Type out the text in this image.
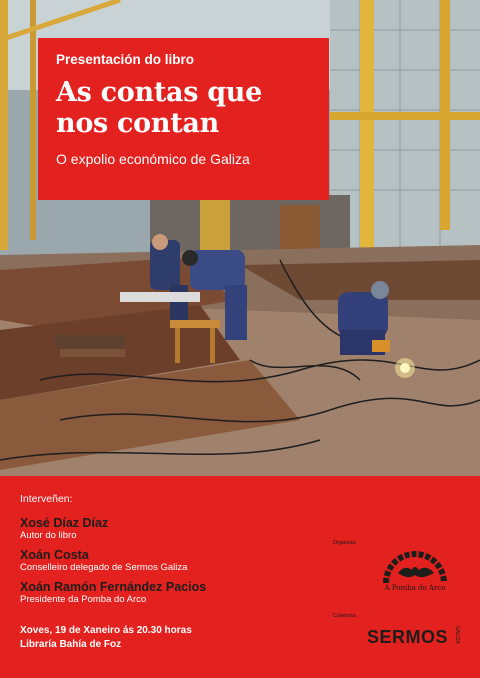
Presentación do libro

As contas que
nos contan

O expolio económico de Galiza

Interveñen:

Xosé Díaz Díaz
Autor do libro
Xoán Costa
Conselleiro delegado de Sermos Galiza
Xoán Ramón Fernández Pacios
Presidente da Pomba do Arco
Xoves, 19 de Xaneiro ás 20.30 horas
Libraría Bahía de Foz
Organiza:
A Pomba do Arco
Colabora:
SERMOS GALIZA
